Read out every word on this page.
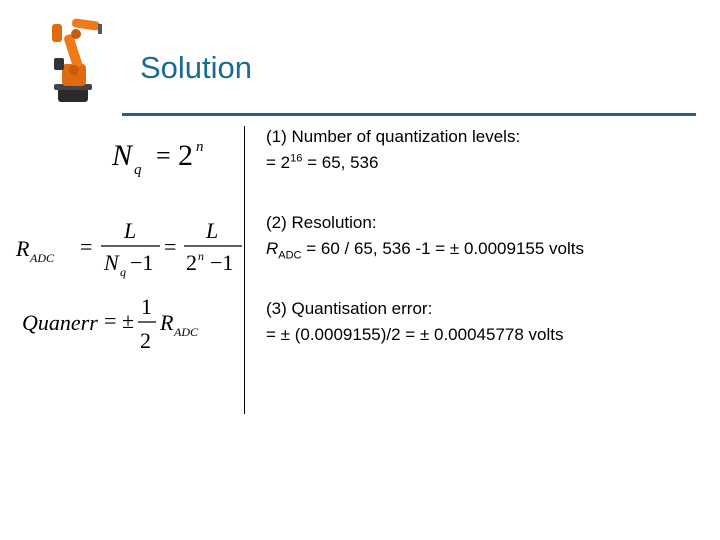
Solution
N q = 2 n
R ADC =
L
N q −1
=
L
2 n −1
Quanerr = ±
1
2
R ADC
(1) Number of quantization levels:
= $2^{16} = 65$, 536
(2) Resolution:
$R_{ADC} = 60 / 65$, 536 -1 = ± 0.0009155 volts
(3) Quantisation error:
= ± (0.0009155)/2 = ± 0.00045778 volts
